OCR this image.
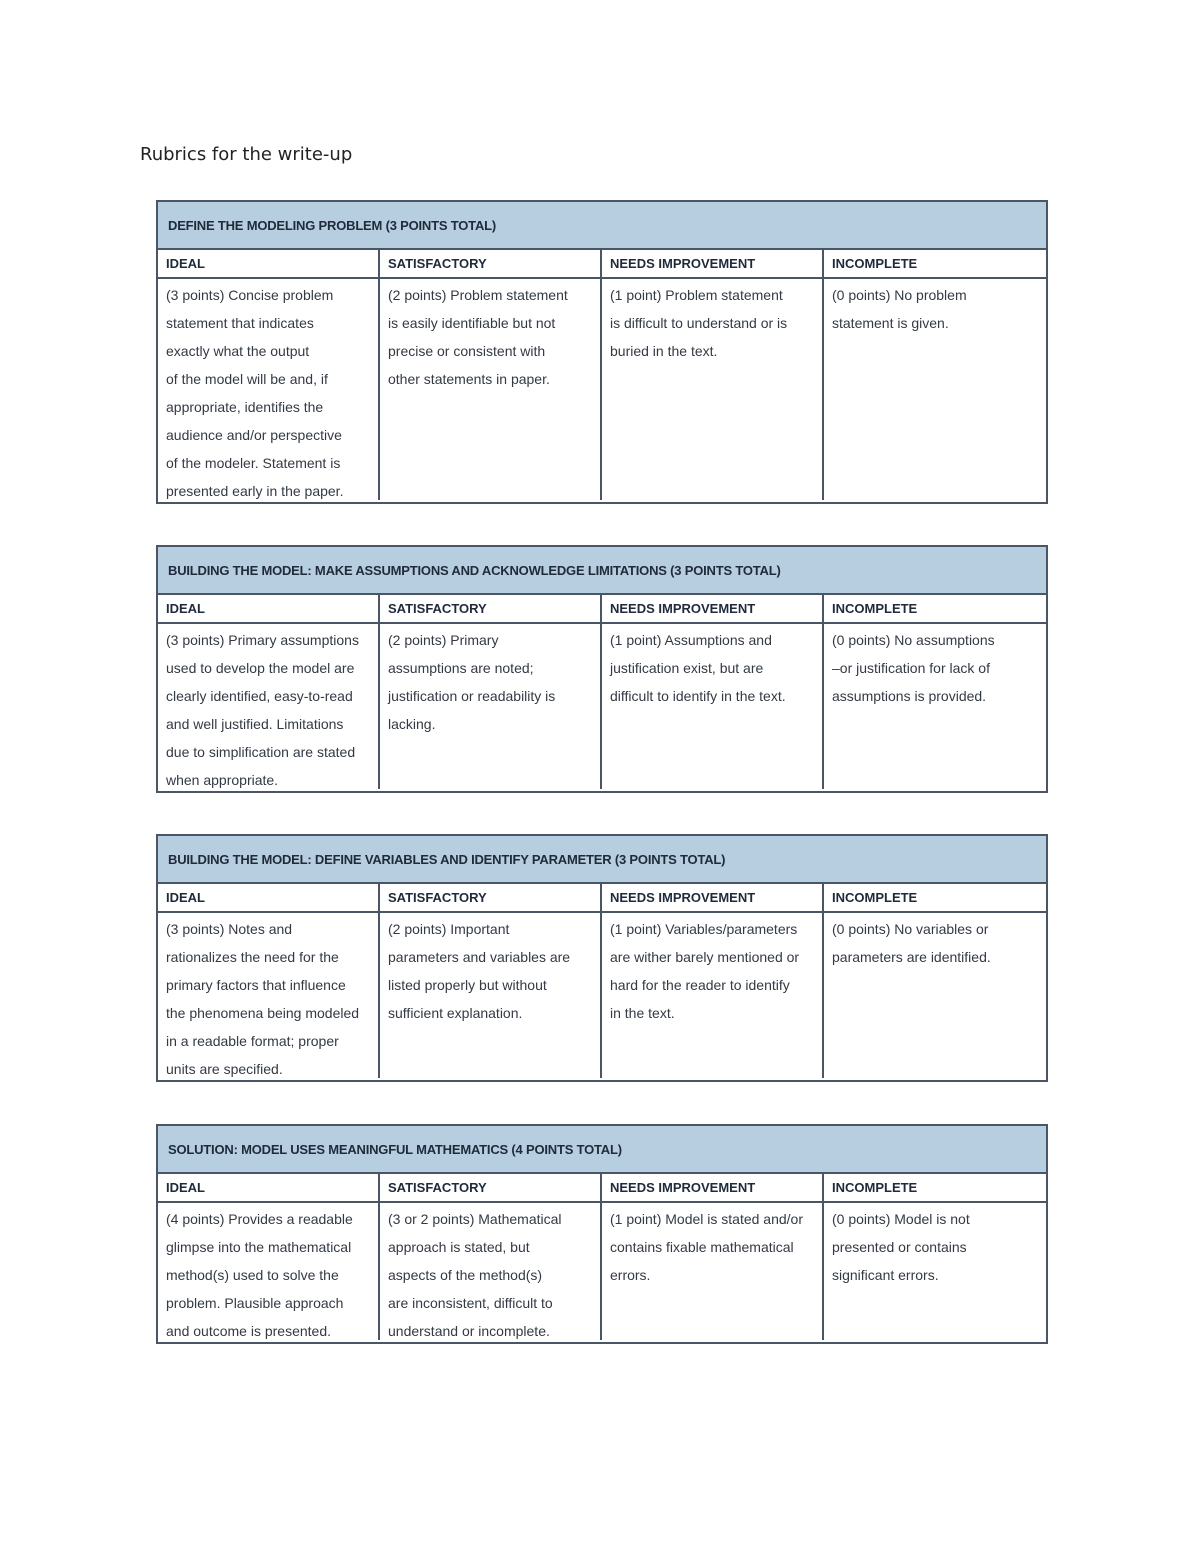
Rubrics for the write-up
DEFINE THE MODELING PROBLEM (3 POINTS TOTAL)
IDEAL
(3 points) Concise problem
statement that indicates
exactly what the output
of the model will be and, if
appropriate, identifies the
audience and/or perspective
of the modeler. Statement is
presented early in the paper.
SATISFACTORY
(2 points) Problem statement
is easily identifiable but not
precise or consistent with
other statements in paper.
NEEDS IMPROVEMENT
(1 point) Problem statement
is difficult to understand or is
buried in the text.
INCOMPLETE
(0 points) No problem
statement is given.
BUILDING THE MODEL: MAKE ASSUMPTIONS AND ACKNOWLEDGE LIMITATIONS (3 POINTS TOTAL)
IDEAL
(3 points) Primary assumptions
used to develop the model are
clearly identified, easy-to-read
and well justified. Limitations
due to simplification are stated
when appropriate.
SATISFACTORY
(2 points) Primary
assumptions are noted;
justification or readability is
lacking.
NEEDS IMPROVEMENT
(1 point) Assumptions and
justification exist, but are
difficult to identify in the text.
INCOMPLETE
(0 points) No assumptions
–or justification for lack of
assumptions is provided.
BUILDING THE MODEL: DEFINE VARIABLES AND IDENTIFY PARAMETER (3 POINTS TOTAL)
IDEAL
(3 points) Notes and
rationalizes the need for the
primary factors that influence
the phenomena being modeled
in a readable format; proper
units are specified.
SATISFACTORY
(2 points) Important
parameters and variables are
listed properly but without
sufficient explanation.
NEEDS IMPROVEMENT
(1 point) Variables/parameters
are wither barely mentioned or
hard for the reader to identify
in the text.
INCOMPLETE
(0 points) No variables or
parameters are identified.
SOLUTION: MODEL USES MEANINGFUL MATHEMATICS (4 POINTS TOTAL)
IDEAL
(4 points) Provides a readable
glimpse into the mathematical
method(s) used to solve the
problem. Plausible approach
and outcome is presented.
SATISFACTORY
(3 or 2 points) Mathematical
approach is stated, but
aspects of the method(s)
are inconsistent, difficult to
understand or incomplete.
NEEDS IMPROVEMENT
(1 point) Model is stated and/or
contains fixable mathematical
errors.
INCOMPLETE
(0 points) Model is not
presented or contains
significant errors.
